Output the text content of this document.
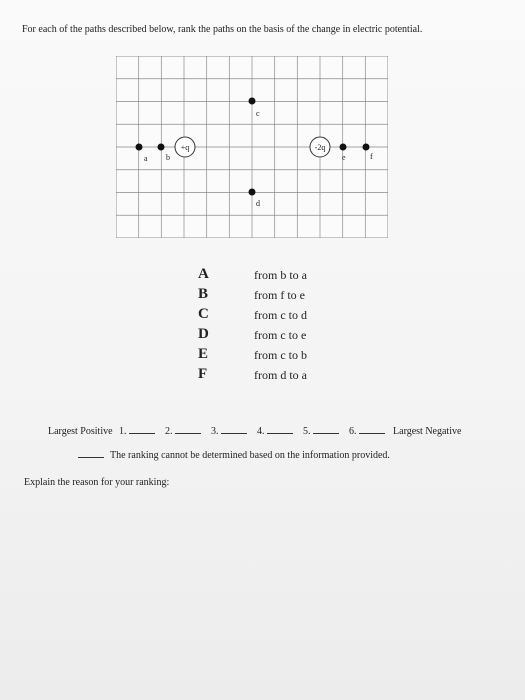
For each of the paths described below, rank the paths on the basis of the change in electric potential.
+q	-2q
a b
c
d
e	f
A	from b to a
B	from f to e
C	from c to d
D	from c to e
E	from c to b
F	from d to a
Largest Positive 1.	2.	3.	4.	5.	6.	Largest Negative
The ranking cannot be determined based on the information provided.
Explain the reason for your ranking:
